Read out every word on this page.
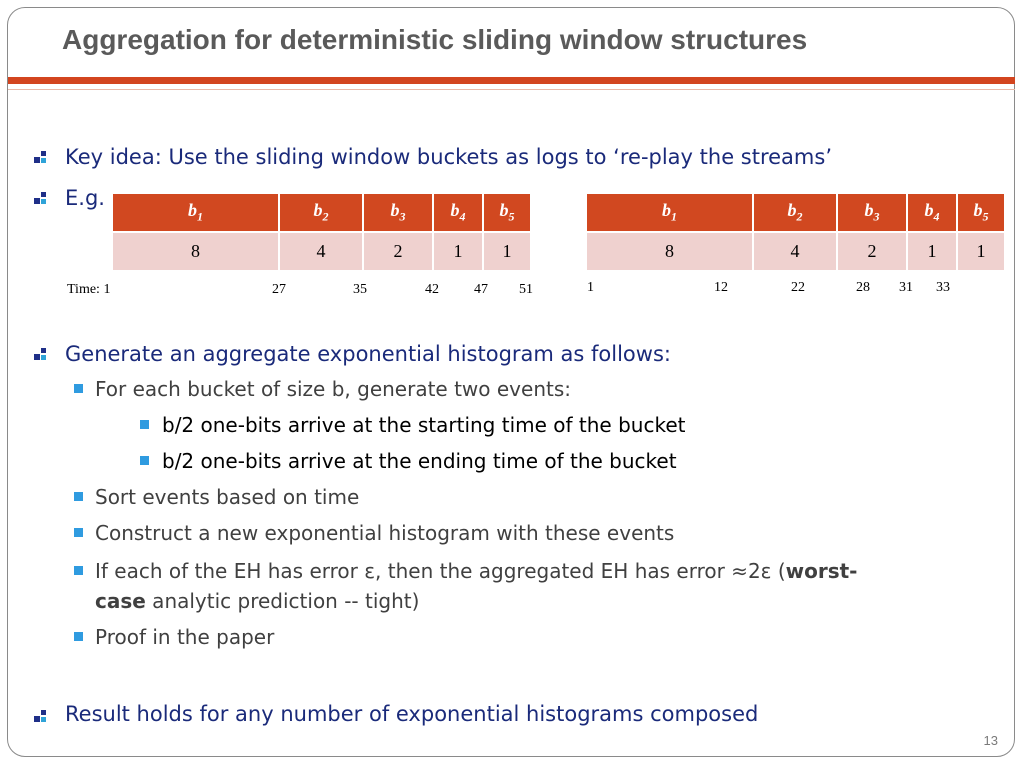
Aggregation for deterministic sliding window structures
Key idea: Use the sliding window buckets as logs to ‘re-play the streams’
E.g.
$b_1$	$b_2$	$b_3$	$b_4$	$b_5$
8	4	2	1	1
Time: 1	27	35	42	47 51
$b_1$	$b_2$	$b_3$	$b_4$	$b_5$
8	4	2	1	1
1	12	22	28 31 33
Generate an aggregate exponential histogram as follows:
For each bucket of size b, generate two events:
b/2 one-bits arrive at the starting time of the bucket
b/2 one-bits arrive at the ending time of the bucket
Sort events based on time
Construct a new exponential histogram with these events
If each of the EH has error ε, then the aggregated EH has error ≈2ε (worst-
case analytic prediction -- tight)
Proof in the paper
Result holds for any number of exponential histograms composed
13
